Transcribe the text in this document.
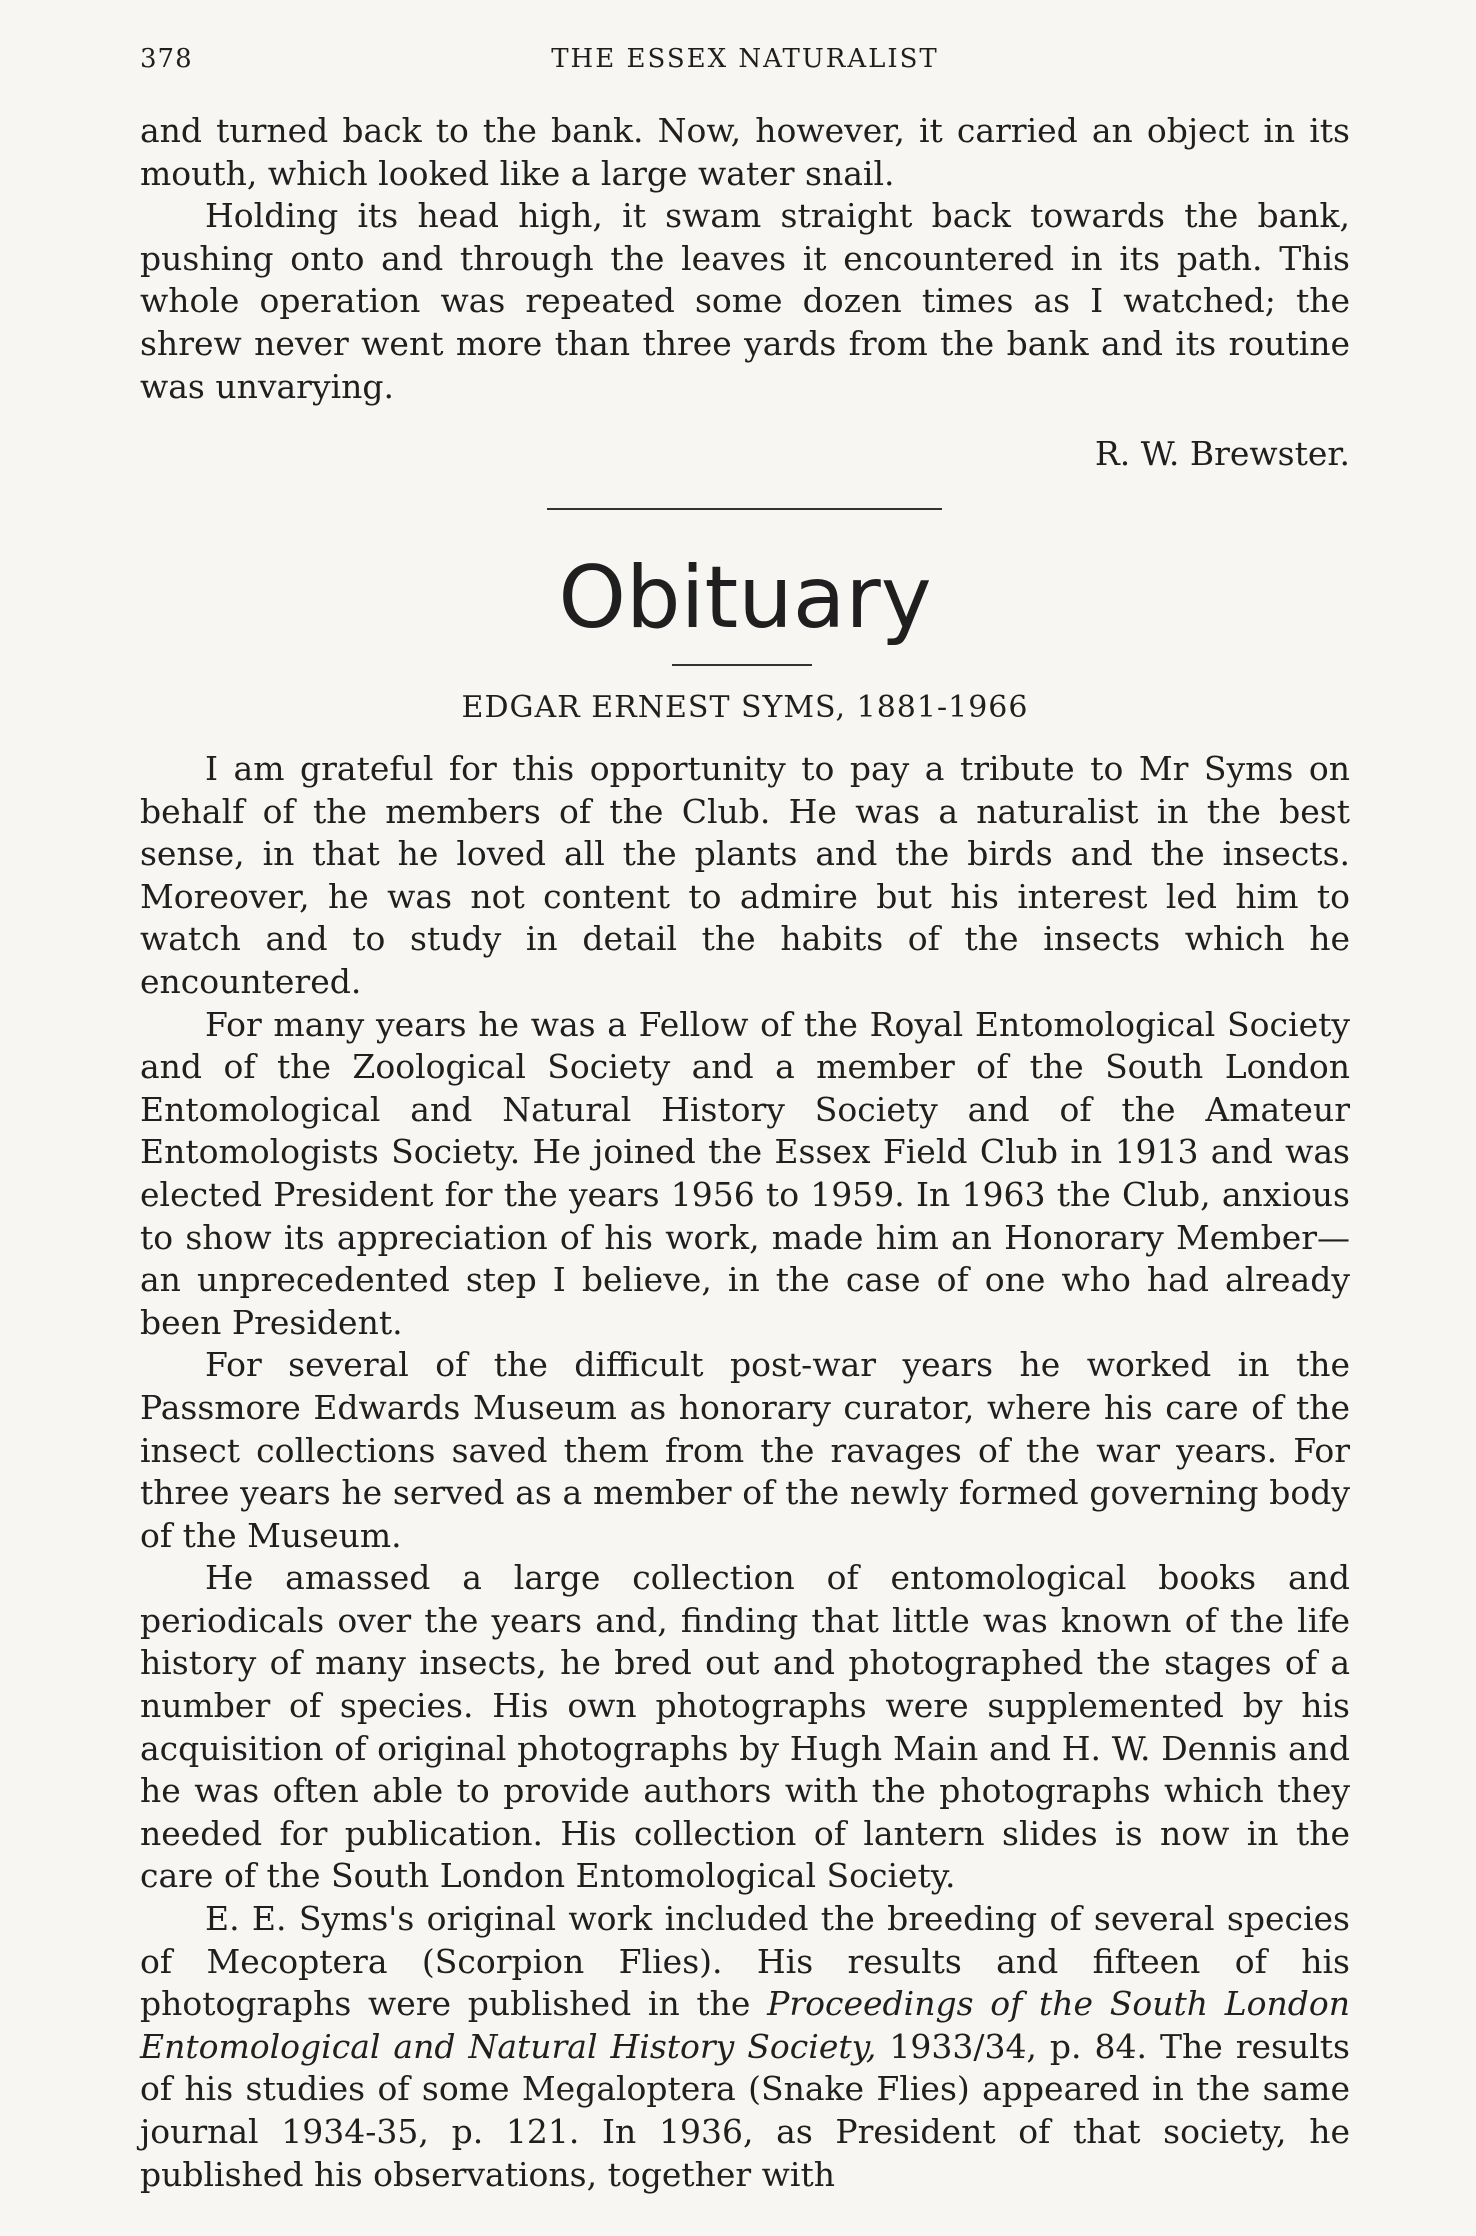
378	THE ESSEX NATURALIST

and turned back to the bank. Now, however, it carried an object in its mouth, which looked like a large water snail.

Holding its head high, it swam straight back towards the bank, pushing onto and through the leaves it encountered in its path. This whole operation was repeated some dozen times as I watched; the shrew never went more than three yards from the bank and its routine was unvarying.

R. W. Brewster.
Obituary
EDGAR ERNEST SYMS, 1881-1966

I am grateful for this opportunity to pay a tribute to Mr Syms on behalf of the members of the Club. He was a naturalist in the best sense, in that he loved all the plants and the birds and the insects. Moreover, he was not content to admire but his interest led him to watch and to study in detail the habits of the insects which he encountered.

For many years he was a Fellow of the Royal Entomological Society and of the Zoological Society and a member of the South London Entomological and Natural History Society and of the Amateur Entomologists Society. He joined the Essex Field Club in 1913 and was elected President for the years 1956 to 1959. In 1963 the Club, anxious to show its appreciation of his work, made him an Honorary Member—an unprecedented step I believe, in the case of one who had already been President.

For several of the difficult post-war years he worked in the Passmore Edwards Museum as honorary curator, where his care of the insect collections saved them from the ravages of the war years. For three years he served as a member of the newly formed governing body of the Museum.

He amassed a large collection of entomological books and periodicals over the years and, finding that little was known of the life history of many insects, he bred out and photographed the stages of a number of species. His own photographs were supplemented by his acquisition of original photographs by Hugh Main and H. W. Dennis and he was often able to provide authors with the photographs which they needed for publication. His collection of lantern slides is now in the care of the South London Entomological Society.

E. E. Syms's original work included the breeding of several species of Mecoptera (Scorpion Flies). His results and fifteen of his photographs were published in the Proceedings of the South London Entomological and Natural History Society, 1933/34, p. 84. The results of his studies of some Megaloptera (Snake Flies) appeared in the same journal 1934-35, p. 121. In 1936, as President of that society, he published his observations, together with
